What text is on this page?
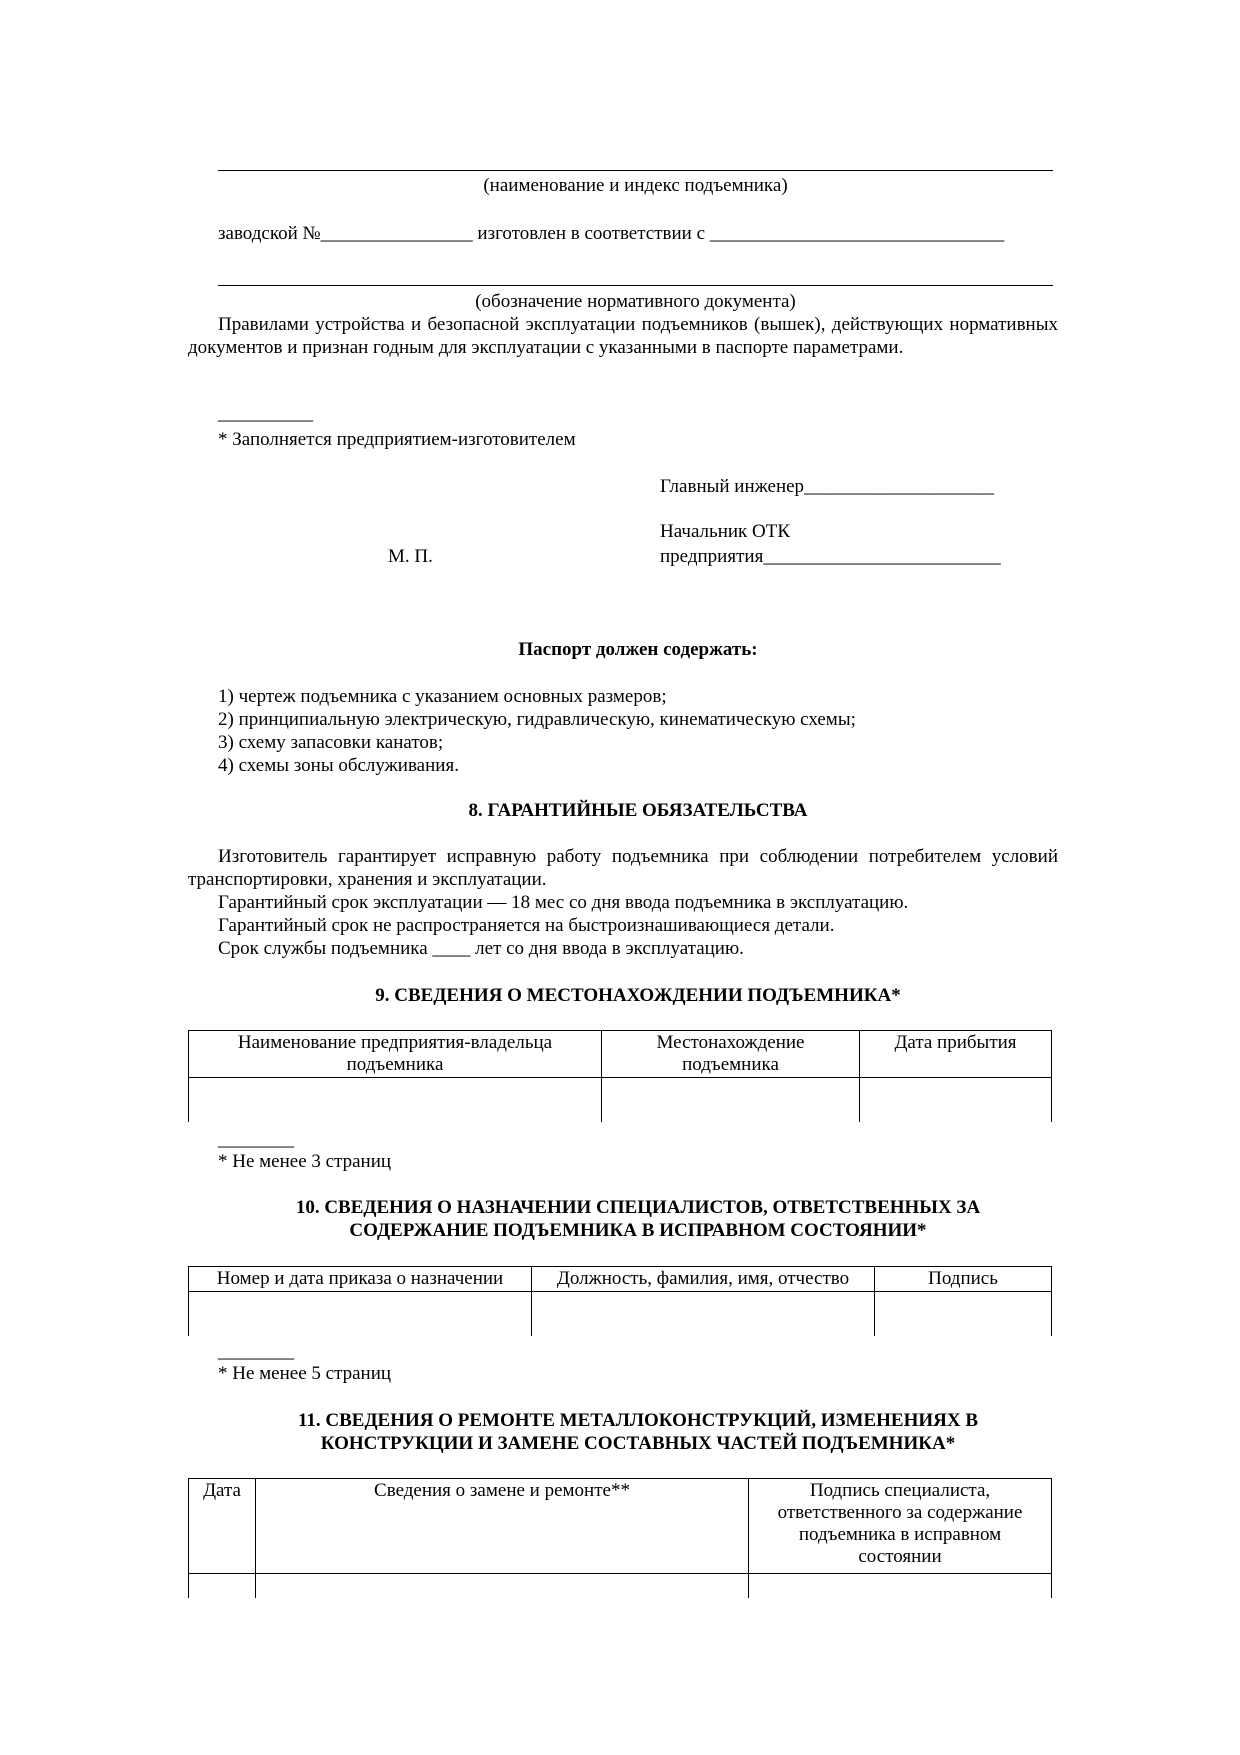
(наименование и индекс подъемника)
заводской №________________ изготовлен в соответствии с _______________________________
(обозначение нормативного документа)
Правилами устройства и безопасной эксплуатации подъемников (вышек), действующих нормативных документов и признан годным для эксплуатации с указанными в паспорте параметрами.
__________
* Заполняется предприятием-изготовителем
Главный инженер____________________
Начальник ОТК
предприятия_________________________
М. П.
Паспорт должен содержать:
1) чертеж подъемника с указанием основных размеров;
2) принципиальную электрическую, гидравлическую, кинематическую схемы;
3) схему запасовки канатов;
4) схемы зоны обслуживания.
8. ГАРАНТИЙНЫЕ ОБЯЗАТЕЛЬСТВА
Изготовитель гарантирует исправную работу подъемника при соблюдении потребителем условий транспортировки, хранения и эксплуатации.
Гарантийный срок эксплуатации — 18 мес со дня ввода подъемника в эксплуатацию.
Гарантийный срок не распространяется на быстроизнашивающиеся детали.
Срок службы подъемника ____ лет со дня ввода в эксплуатацию.
9. СВЕДЕНИЯ О МЕСТОНАХОЖДЕНИИ ПОДЪЕМНИКА*
Наименование предприятия-владельца подъемника	Местонахождение подъемника	Дата прибытия

________
* Не менее 3 страниц
10. СВЕДЕНИЯ О НАЗНАЧЕНИИ СПЕЦИАЛИСТОВ, ОТВЕТСТВЕННЫХ ЗА
СОДЕРЖАНИЕ ПОДЪЕМНИКА В ИСПРАВНОМ СОСТОЯНИИ*
Номер и дата приказа о назначении	Должность, фамилия, имя, отчество	Подпись

________
* Не менее 5 страниц
11. СВЕДЕНИЯ О РЕМОНТЕ МЕТАЛЛОКОНСТРУКЦИЙ, ИЗМЕНЕНИЯХ В
КОНСТРУКЦИИ И ЗАМЕНЕ СОСТАВНЫХ ЧАСТЕЙ ПОДЪЕМНИКА*
Дата	Сведения о замене и ремонте**	Подпись специалиста, ответственного за содержание подъемника в исправном состоянии
